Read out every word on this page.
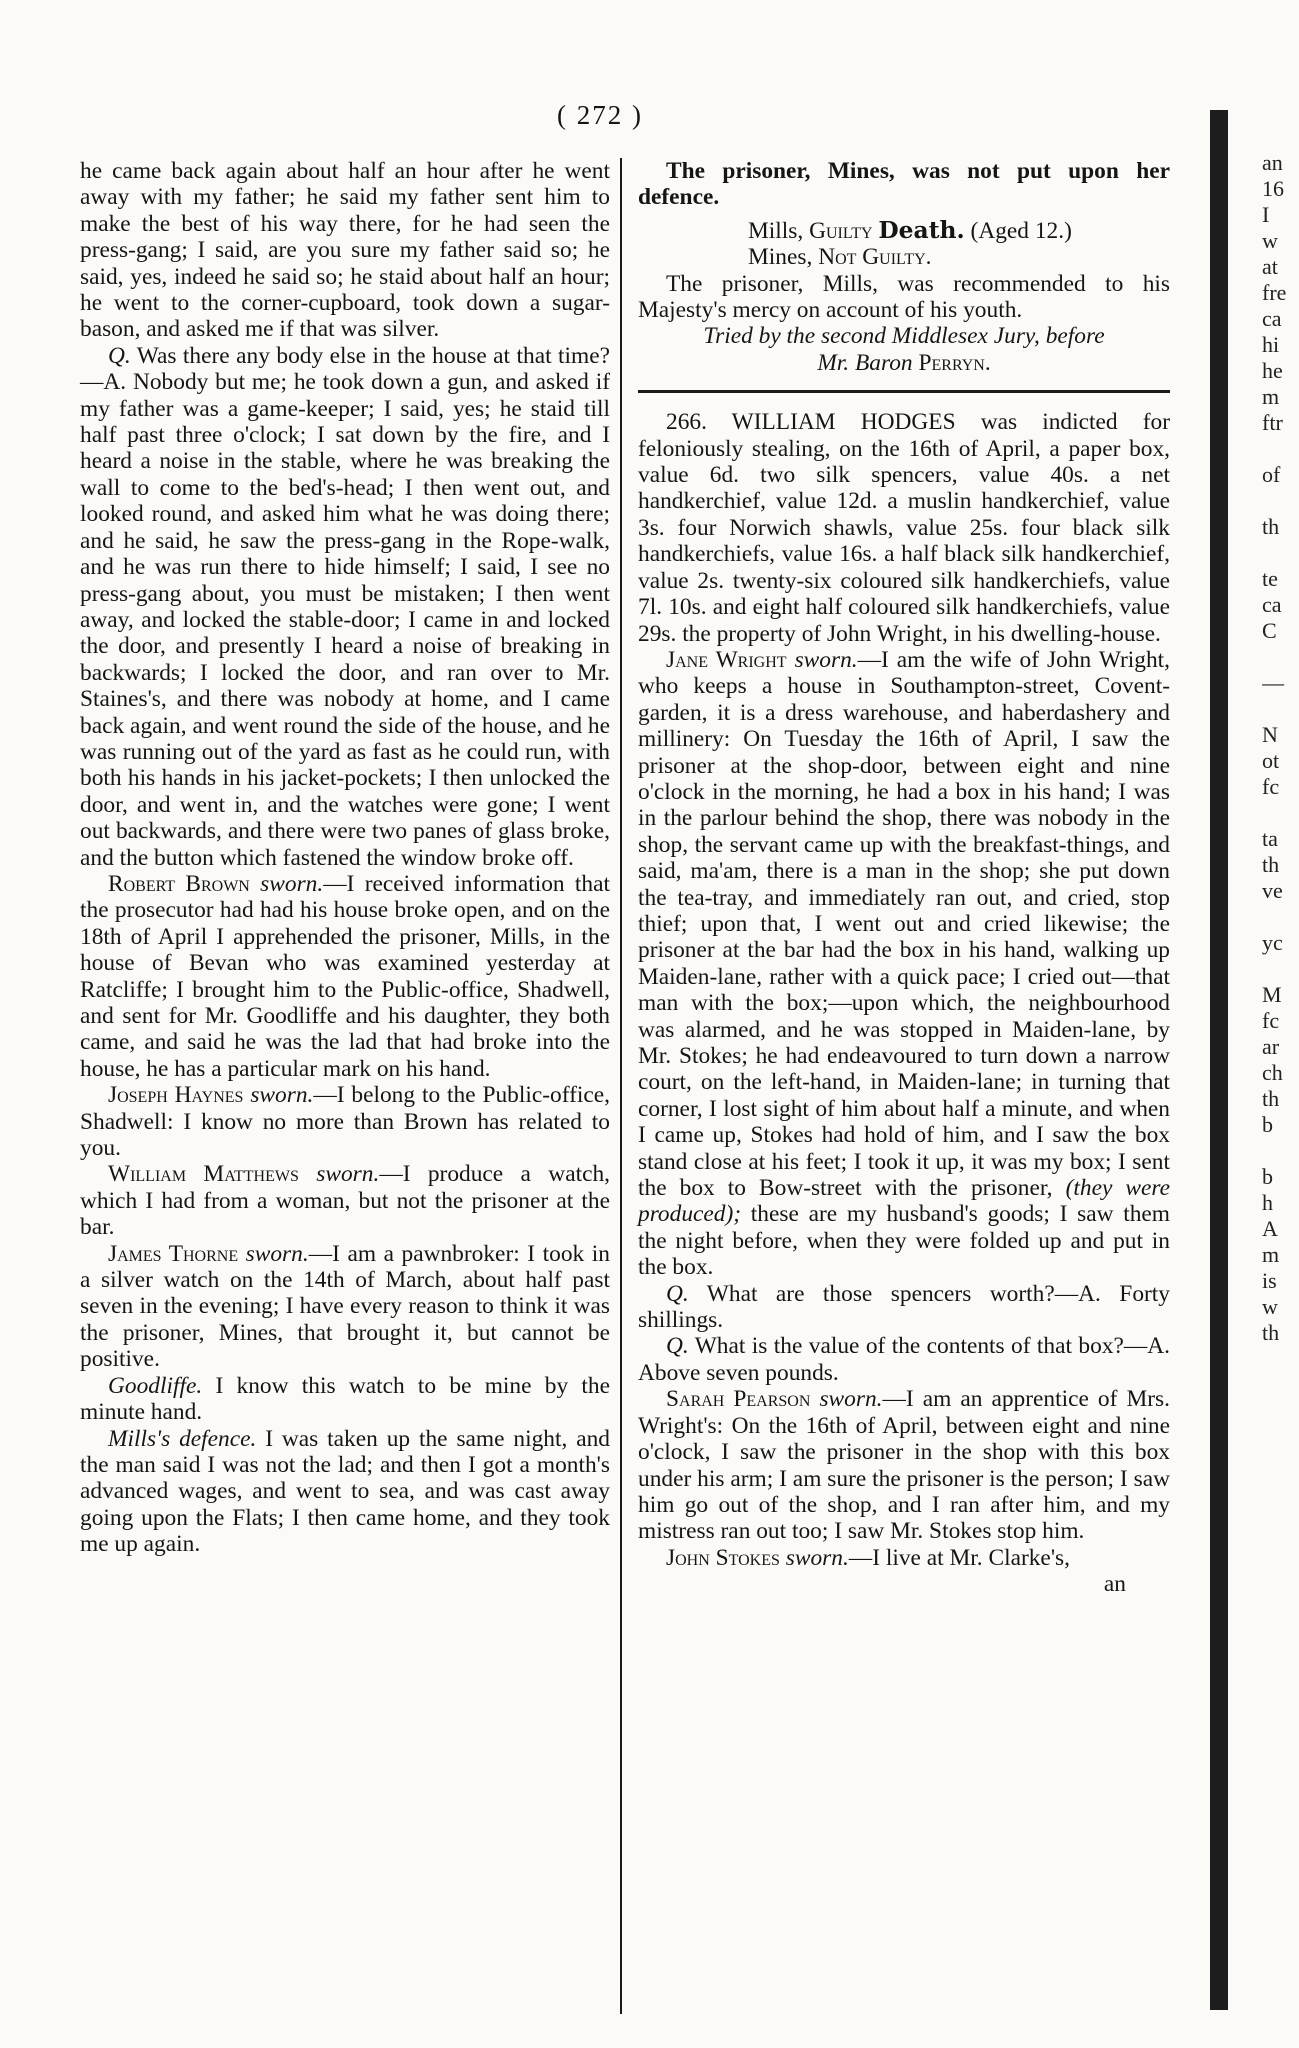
( 272 )

he came back again about half an hour after he went away with my father; he said my father sent him to make the best of his way there, for he had seen the press-gang; I said, are you sure my father said so; he said, yes, indeed he said so; he staid about half an hour; he went to the corner-cupboard, took down a sugar-bason, and asked me if that was silver.

Q. Was there any body else in the house at that time?—A. Nobody but me; he took down a gun, and asked if my father was a game-keeper; I said, yes; he staid till half past three o'clock; I sat down by the fire, and I heard a noise in the stable, where he was breaking the wall to come to the bed's-head; I then went out, and looked round, and asked him what he was doing there; and he said, he saw the press-gang in the Rope-walk, and he was run there to hide himself; I said, I see no press-gang about, you must be mistaken; I then went away, and locked the stable-door; I came in and locked the door, and presently I heard a noise of breaking in backwards; I locked the door, and ran over to Mr. Staines's, and there was nobody at home, and I came back again, and went round the side of the house, and he was running out of the yard as fast as he could run, with both his hands in his jacket-pockets; I then unlocked the door, and went in, and the watches were gone; I went out backwards, and there were two panes of glass broke, and the button which fastened the window broke off.

Robert Brown sworn.—I received information that the prosecutor had had his house broke open, and on the 18th of April I apprehended the prisoner, Mills, in the house of Bevan who was examined yesterday at Ratcliffe; I brought him to the Public-office, Shadwell, and sent for Mr. Goodliffe and his daughter, they both came, and said he was the lad that had broke into the house, he has a particular mark on his hand.

Joseph Haynes sworn.—I belong to the Public-office, Shadwell: I know no more than Brown has related to you.

William Matthews sworn.—I produce a watch, which I had from a woman, but not the prisoner at the bar.

James Thorne sworn.—I am a pawnbroker: I took in a silver watch on the 14th of March, about half past seven in the evening; I have every reason to think it was the prisoner, Mines, that brought it, but cannot be positive.

Goodliffe. I know this watch to be mine by the minute hand.

Mills's defence. I was taken up the same night, and the man said I was not the lad; and then I got a month's advanced wages, and went to sea, and was cast away going upon the Flats; I then came home, and they took me up again.

The prisoner, Mines, was not put upon her defence.

Mills, Guilty Death. (Aged 12.)

Mines, Not Guilty.

The prisoner, Mills, was recommended to his Majesty's mercy on account of his youth.

Tried by the second Middlesex Jury, before

Mr. Baron Perryn.

266. WILLIAM HODGES was indicted for feloniously stealing, on the 16th of April, a paper box, value 6d. two silk spencers, value 40s. a net handkerchief, value 12d. a muslin handkerchief, value 3s. four Norwich shawls, value 25s. four black silk handkerchiefs, value 16s. a half black silk handkerchief, value 2s. twenty-six coloured silk handkerchiefs, value 7l. 10s. and eight half coloured silk handkerchiefs, value 29s. the property of John Wright, in his dwelling-house.

Jane Wright sworn.—I am the wife of John Wright, who keeps a house in Southampton-street, Covent-garden, it is a dress warehouse, and haberdashery and millinery: On Tuesday the 16th of April, I saw the prisoner at the shop-door, between eight and nine o'clock in the morning, he had a box in his hand; I was in the parlour behind the shop, there was nobody in the shop, the servant came up with the breakfast-things, and said, ma'am, there is a man in the shop; she put down the tea-tray, and immediately ran out, and cried, stop thief; upon that, I went out and cried likewise; the prisoner at the bar had the box in his hand, walking up Maiden-lane, rather with a quick pace; I cried out—that man with the box;—upon which, the neighbourhood was alarmed, and he was stopped in Maiden-lane, by Mr. Stokes; he had endeavoured to turn down a narrow court, on the left-hand, in Maiden-lane; in turning that corner, I lost sight of him about half a minute, and when I came up, Stokes had hold of him, and I saw the box stand close at his feet; I took it up, it was my box; I sent the box to Bow-street with the prisoner, (they were produced); these are my husband's goods; I saw them the night before, when they were folded up and put in the box.

Q. What are those spencers worth?—A. Forty shillings.

Q. What is the value of the contents of that box?—A. Above seven pounds.

Sarah Pearson sworn.—I am an apprentice of Mrs. Wright's: On the 16th of April, between eight and nine o'clock, I saw the prisoner in the shop with this box under his arm; I am sure the prisoner is the person; I saw him go out of the shop, and I ran after him, and my mistress ran out too; I saw Mr. Stokes stop him.

John Stokes sworn.—I live at Mr. Clarke's,

an

an
16
I
w
at
fre
ca
hi
he
m
ftr

of

th

te
ca
C

—

N
ot
fc

ta
th
ve

yc

M
fc
ar
ch
th
b

b
h
A
m
is
w
th
